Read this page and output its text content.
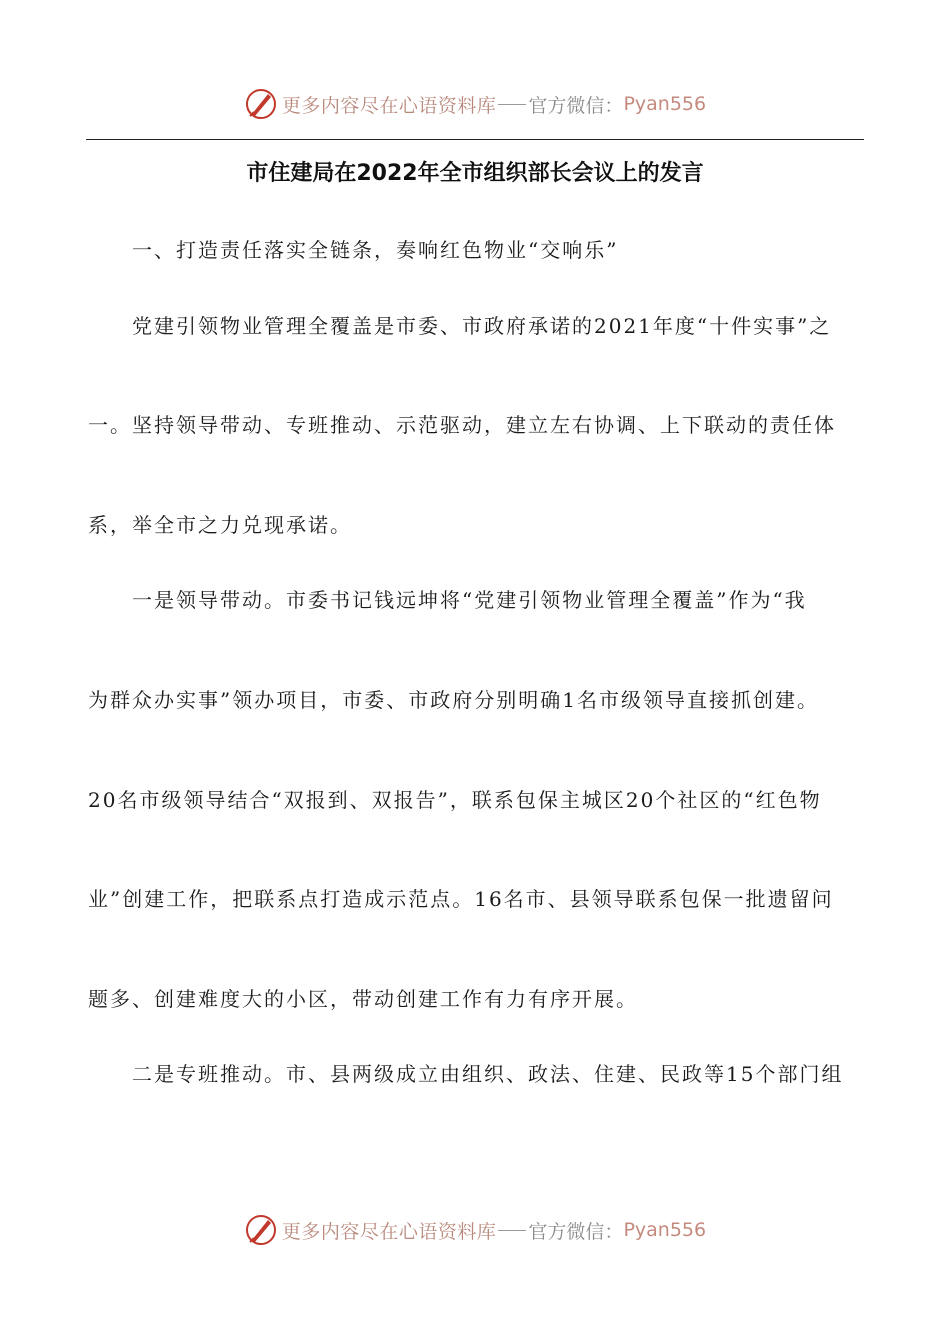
更多内容尽在心语资料库 官方微信： Pyan556
市住建局在2022年全市组织部长会议上的发言
一、打造责任落实全链条，奏响红色物业“交响乐”
党建引领物业管理全覆盖是市委、市政府承诺的2021年度“十件实事”之
一。坚持领导带动、专班推动、示范驱动，建立左右协调、上下联动的责任体
系，举全市之力兑现承诺。
一是领导带动。市委书记钱远坤将“党建引领物业管理全覆盖”作为“我
为群众办实事”领办项目，市委、市政府分别明确1名市级领导直接抓创建。
20名市级领导结合“双报到、双报告”，联系包保主城区20个社区的“红色物
业”创建工作，把联系点打造成示范点。16名市、县领导联系包保一批遗留问
题多、创建难度大的小区，带动创建工作有力有序开展。
二是专班推动。市、县两级成立由组织、政法、住建、民政等15个部门组
更多内容尽在心语资料库 官方微信： Pyan556
